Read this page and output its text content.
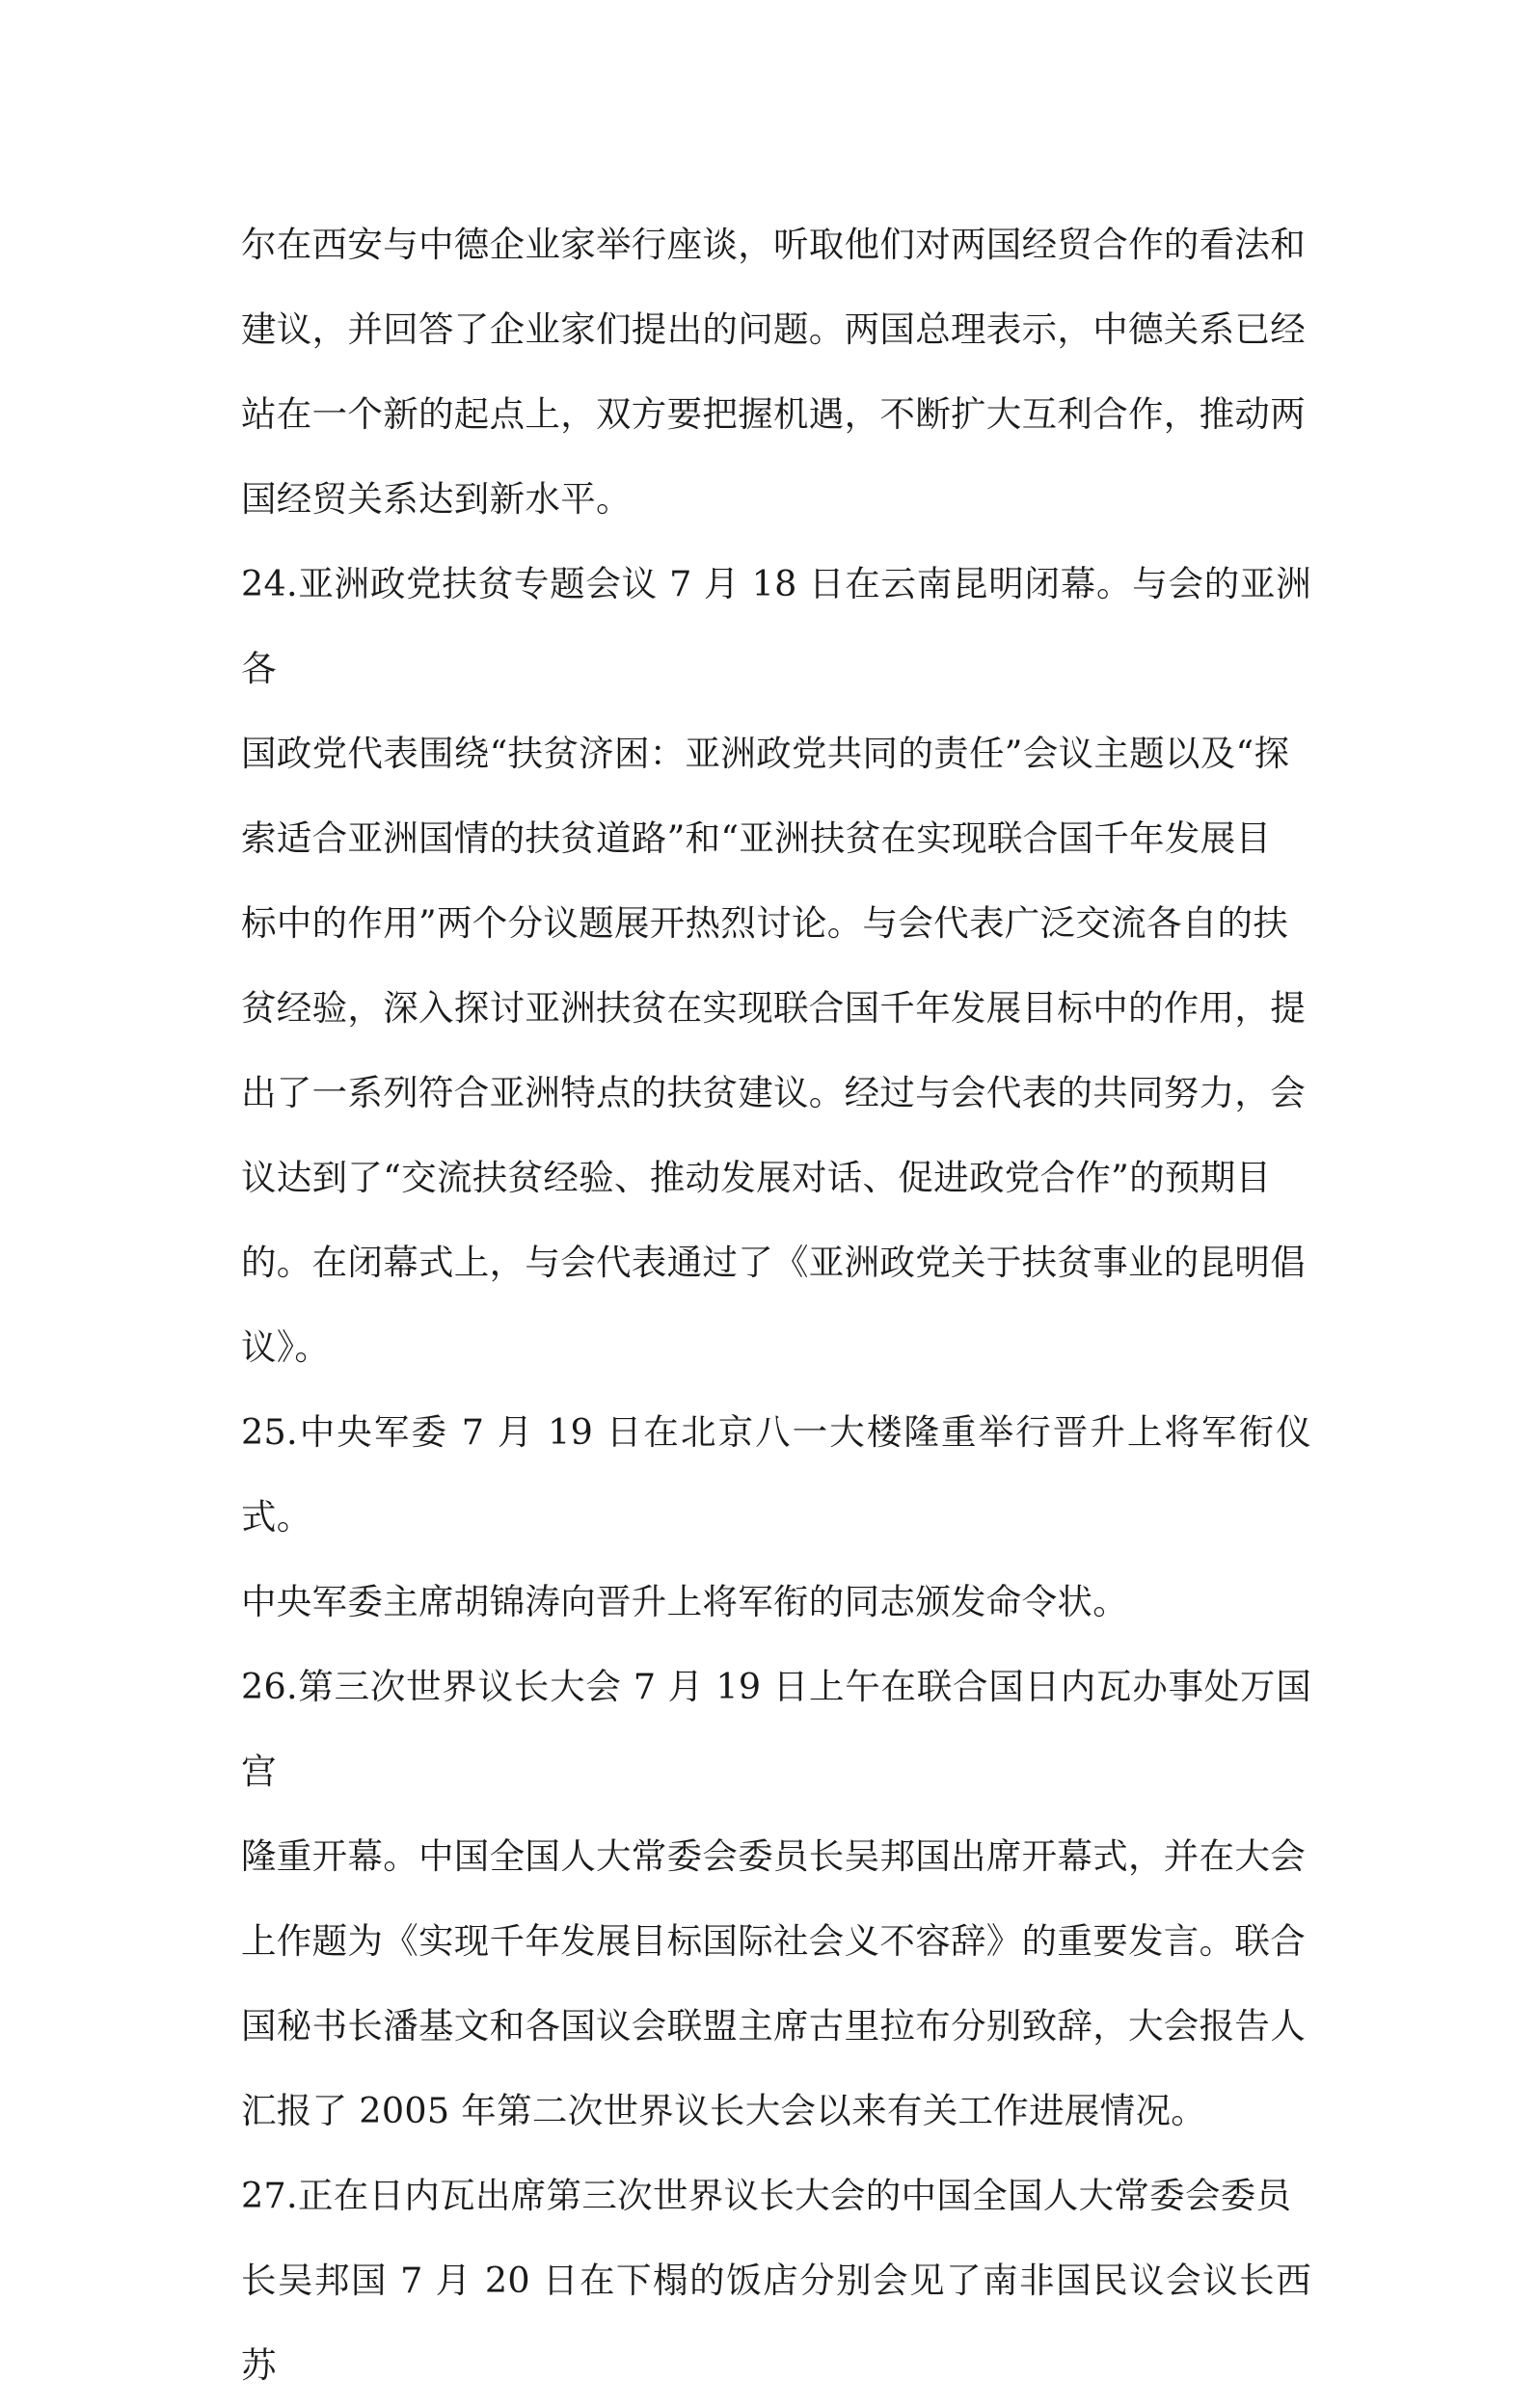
尔在西安与中德企业家举行座谈，听取他们对两国经贸合作的看法和
建议，并回答了企业家们提出的问题。两国总理表示，中德关系已经
站在一个新的起点上，双方要把握机遇，不断扩大互利合作，推动两
国经贸关系达到新水平。

24.亚洲政党扶贫专题会议 7 月 18 日在云南昆明闭幕。与会的亚洲各
国政党代表围绕“扶贫济困：亚洲政党共同的责任”会议主题以及“探
索适合亚洲国情的扶贫道路”和“亚洲扶贫在实现联合国千年发展目
标中的作用”两个分议题展开热烈讨论。与会代表广泛交流各自的扶
贫经验，深入探讨亚洲扶贫在实现联合国千年发展目标中的作用，提
出了一系列符合亚洲特点的扶贫建议。经过与会代表的共同努力，会
议达到了“交流扶贫经验、推动发展对话、促进政党合作”的预期目
的。在闭幕式上，与会代表通过了《亚洲政党关于扶贫事业的昆明倡
议》。

25.中央军委 7 月 19 日在北京八一大楼隆重举行晋升上将军衔仪式。
中央军委主席胡锦涛向晋升上将军衔的同志颁发命令状。

26.第三次世界议长大会 7 月 19 日上午在联合国日内瓦办事处万国宫
隆重开幕。中国全国人大常委会委员长吴邦国出席开幕式，并在大会
上作题为《实现千年发展目标国际社会义不容辞》的重要发言。联合
国秘书长潘基文和各国议会联盟主席古里拉布分别致辞，大会报告人
汇报了 2005 年第二次世界议长大会以来有关工作进展情况。

27.正在日内瓦出席第三次世界议长大会的中国全国人大常委会委员
长吴邦国 7 月 20 日在下榻的饭店分别会见了南非国民议会议长西苏
